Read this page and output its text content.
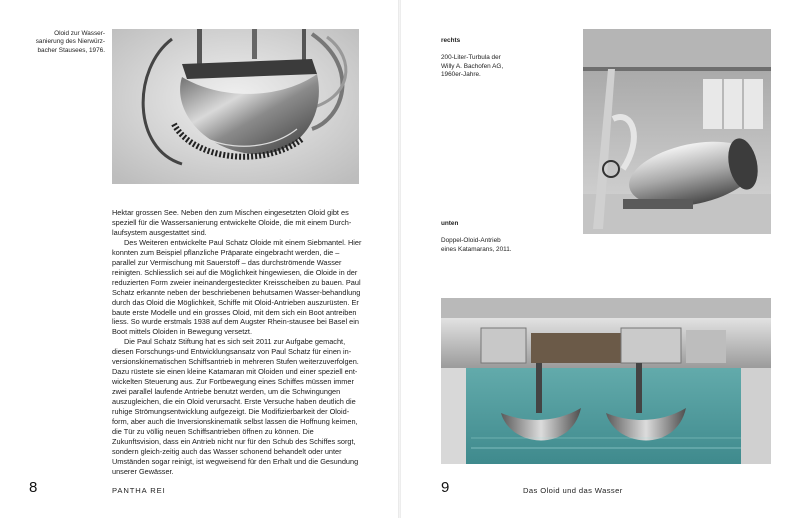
Oloid zur Wasser-
sanierung des Nierwürz-
bacher Stausees, 1976.

Hektar grossen See. Neben den zum Mischen eingesetzten Oloid gibt es speziell für die Wassersanierung entwickelte Oloide, die mit einem Durch-laufsystem ausgestattet sind.

Des Weiteren entwickelte Paul Schatz Oloide mit einem Siebmantel. Hier konnten zum Beispiel pflanzliche Präparate eingebracht werden, die – parallel zur Vermischung mit Sauerstoff – das durchströmende Wasser reinigten. Schliesslich sei auf die Möglichkeit hingewiesen, die Oloide in der reduzierten Form zweier ineinandergesteckter Kreisscheiben zu bauen. Paul Schatz erkannte neben der beschriebenen behutsamen Wasser-behandlung durch das Oloid die Möglichkeit, Schiffe mit Oloid-Antrieben auszurüsten. Er baute erste Modelle und ein grosses Oloid, mit dem sich ein Boot antreiben liess. So wurde erstmals 1938 auf dem Augster Rhein-stausee bei Basel ein Boot mittels Oloiden in Bewegung versetzt.

Die Paul Schatz Stiftung hat es sich seit 2011 zur Aufgabe gemacht, diesen Forschungs-und Entwicklungsansatz von Paul Schatz für einen in-versionskinematischen Schiffsantrieb in mehreren Stufen weiterzuverfolgen. Dazu rüstete sie einen kleine Katamaran mit Oloiden und einer speziell ent-wickelten Steuerung aus. Zur Fortbewegung eines Schiffes müssen immer zwei parallel laufende Antriebe benutzt werden, um die Schwingungen auszugleichen, die ein Oloid verursacht. Erste Versuche haben deutlich die ruhige Strömungsentwicklung aufgezeigt. Die Modifizierbarkeit der Oloid-form, aber auch die Inversionskinematik selbst lassen die Hoffnung keimen, die Tür zu völlig neuen Schiffsantrieben öffnen zu können. Die Zukunftsvision, dass ein Antrieb nicht nur für den Schub des Schiffes sorgt, sondern gleich-zeitig auch das Wasser schonend behandelt oder unter Umständen sogar reinigt, ist wegweisend für den Erhalt und die Gesundung unserer Gewässer.

8	PANTHA REI

rechts

200-Liter-Turbula der
Willy A. Bachofen AG,
1960er-Jahre.

unten

Doppel-Oloid-Antrieb
eines Katamarans, 2011.

9	Das Oloid und das Wasser
